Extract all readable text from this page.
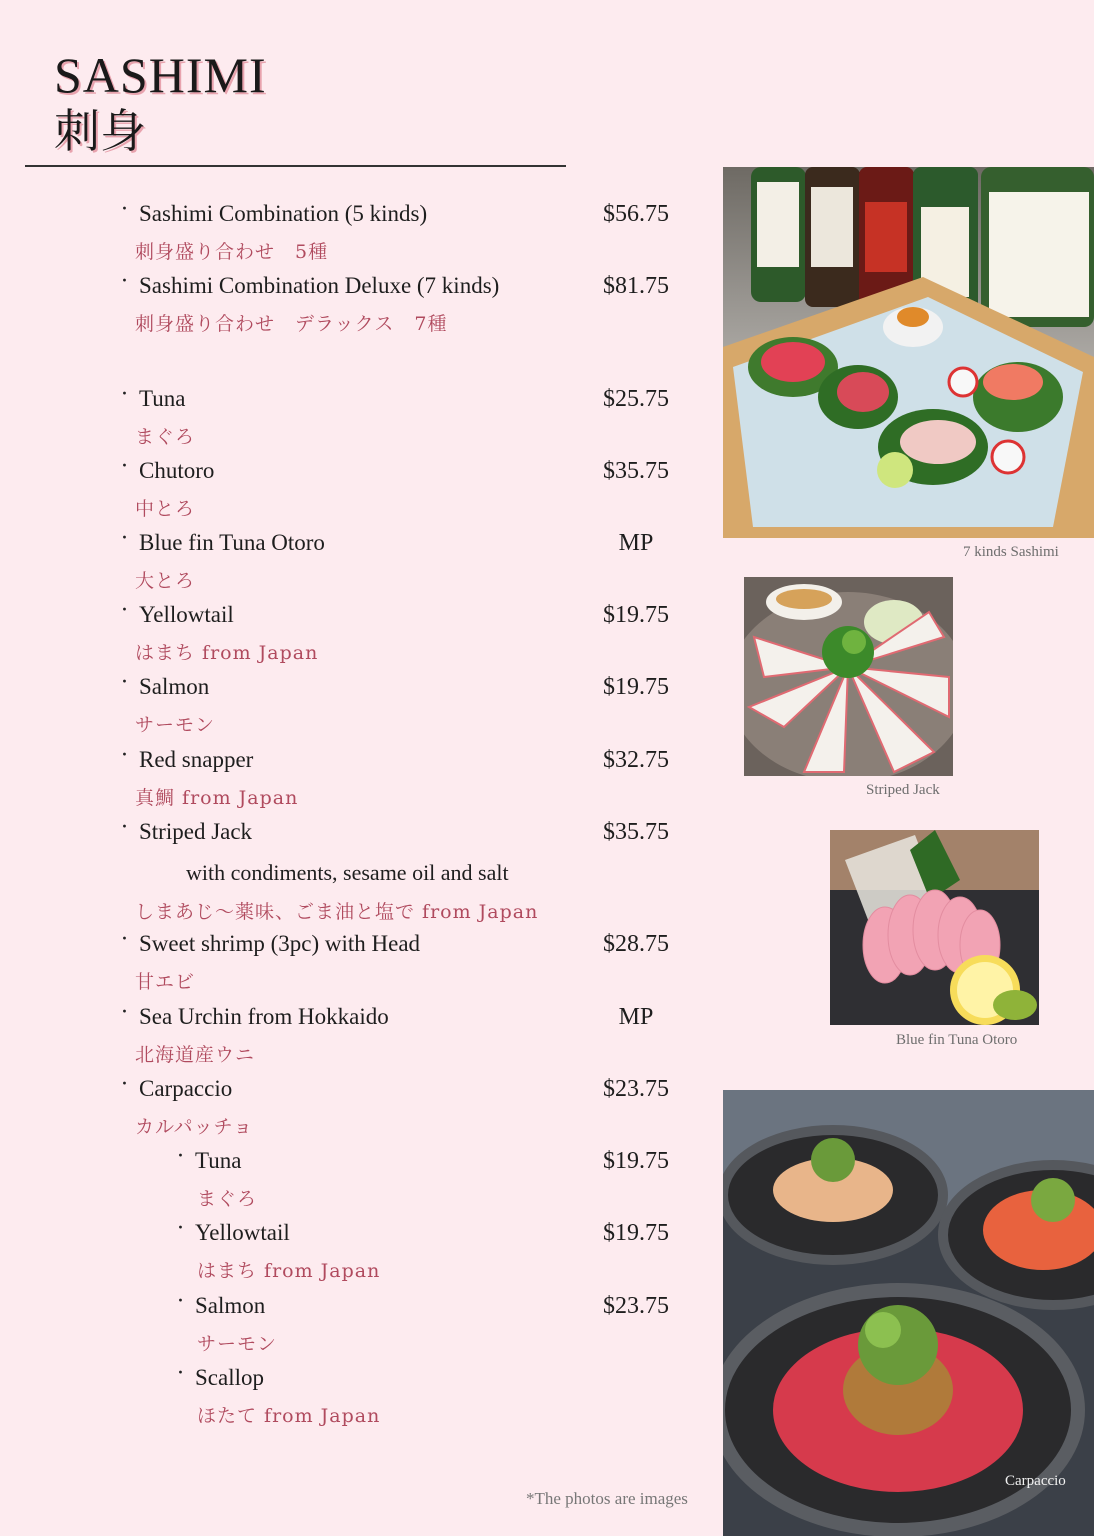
SASHIMI
刺身
· Sashimi Combination (5 kinds)	$56.75
刺身盛り合わせ　5種
· Sashimi Combination Deluxe (7 kinds)	$81.75
刺身盛り合わせ　デラックス　7種
· Tuna	$25.75
まぐろ
· Chutoro	$35.75
中とろ
· Blue fin Tuna Otoro	MP
大とろ
· Yellowtail	$19.75
はまち from Japan
· Salmon	$19.75
サーモン
· Red snapper	$32.75
真鯛 from Japan
· Striped Jack	$35.75
with condiments, sesame oil and salt
しまあじ～薬味、ごま油と塩で from Japan
· Sweet shrimp (3pc) with Head	$28.75
甘エビ
· Sea Urchin from Hokkaido	MP
北海道産ウニ
· Carpaccio	$23.75
カルパッチョ
· Tuna	$19.75
まぐろ
· Yellowtail	$19.75
はまち from Japan
· Salmon	$23.75
サーモン
· Scallop
ほたて from Japan
7 kinds Sashimi
Striped Jack
Blue fin Tuna Otoro
Carpaccio
*The photos are images
